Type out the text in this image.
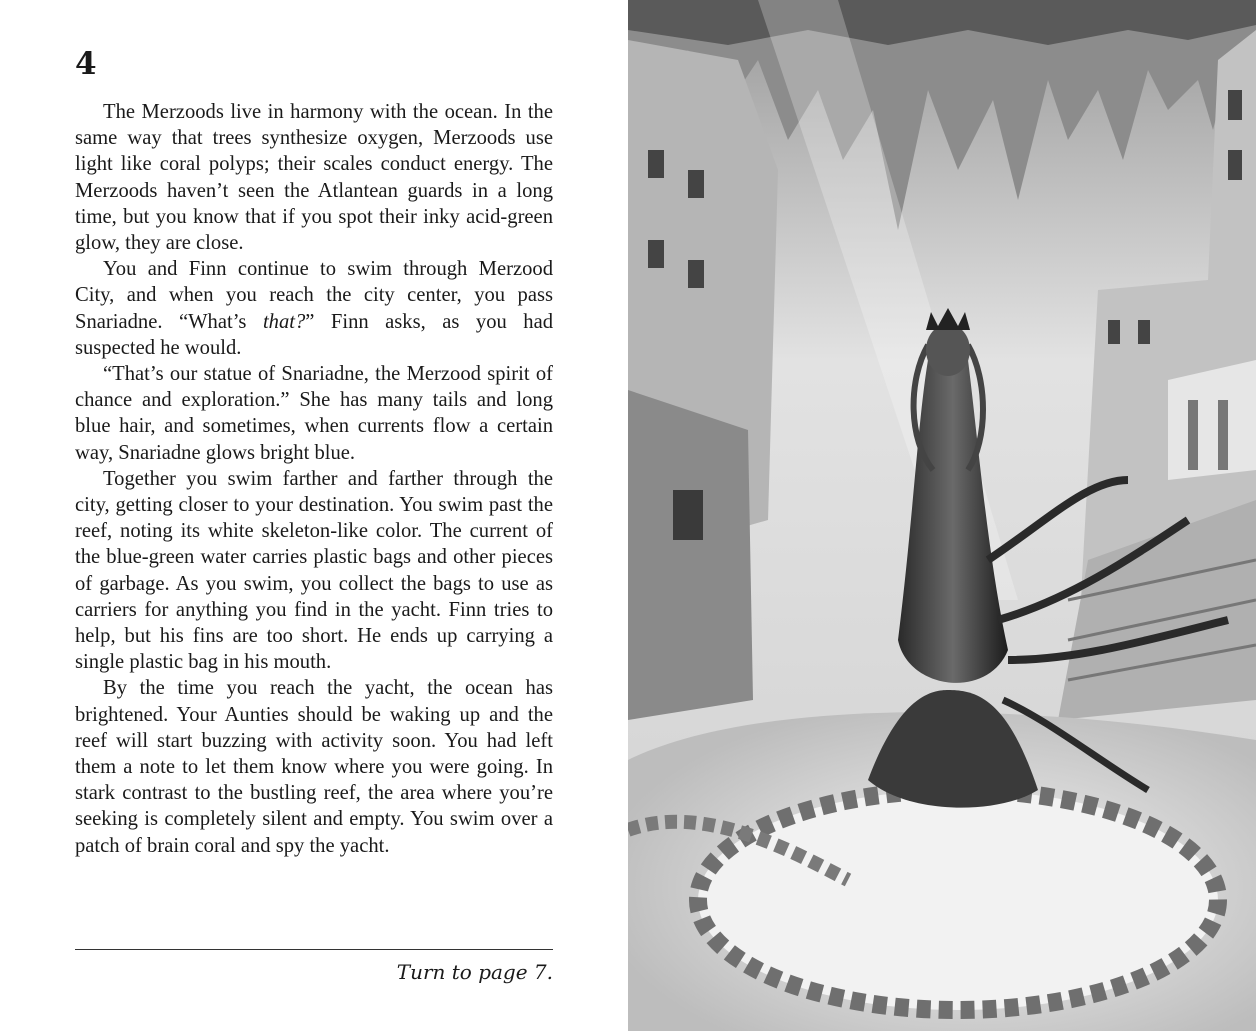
4

The Merzoods live in harmony with the ocean. In the same way that trees synthesize oxygen, Merzoods use light like coral polyps; their scales conduct energy. The Merzoods haven’t seen the Atlantean guards in a long time, but you know that if you spot their inky acid-green glow, they are close.

You and Finn continue to swim through Merzood City, and when you reach the city center, you pass Snariadne. “What’s that?” Finn asks, as you had suspected he would.

“That’s our statue of Snariadne, the Merzood spirit of chance and exploration.” She has many tails and long blue hair, and sometimes, when currents flow a certain way, Snariadne glows bright blue.

Together you swim farther and farther through the city, getting closer to your destination. You swim past the reef, noting its white skeleton-like color. The current of the blue-green water carries plastic bags and other pieces of garbage. As you swim, you collect the bags to use as carriers for anything you find in the yacht. Finn tries to help, but his fins are too short. He ends up carrying a single plastic bag in his mouth.

By the time you reach the yacht, the ocean has brightened. Your Aunties should be waking up and the reef will start buzzing with activity soon. You had left them a note to let them know where you were going. In stark contrast to the bustling reef, the area where you’re seeking is completely silent and empty. You swim over a patch of brain coral and spy the yacht.

Turn to page 7.
